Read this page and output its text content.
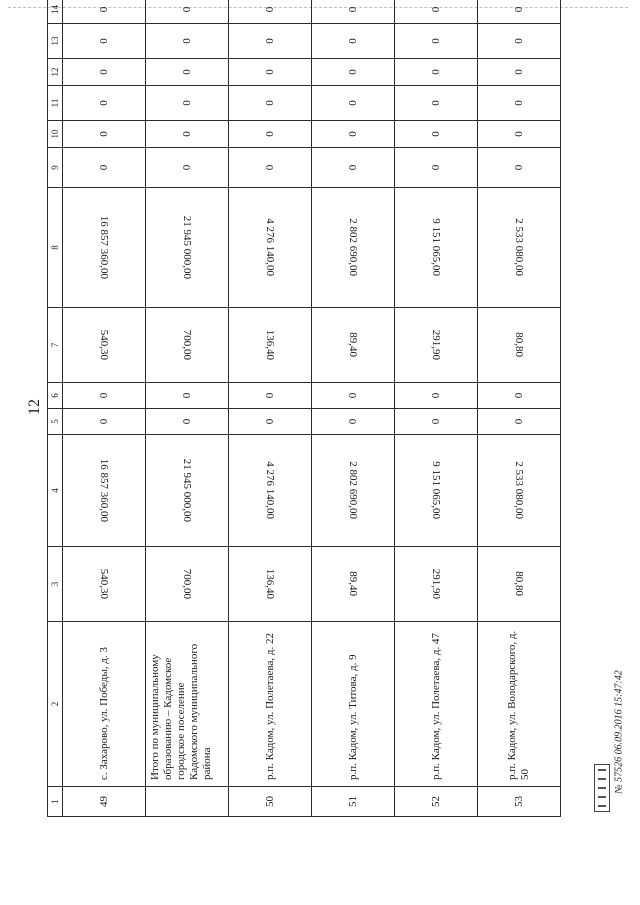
12
1	2	3	4	5	6	7	8	9	10	11	12	13	14		
49	с. Захарово, ул. Победы, д. 3	540,30	16 857 360,00	0	0	540,30	16 857 360,00	0	0	0	0	0	0		
	Итого по муниципальному образованию – Кадомское городское поселение Кадомского муниципального района	700,00	21 945 000,00	0	0	700,00	21 945 000,00	0	0	0	0	0	0		
50	р.п. Кадом, ул. Полетаева, д. 22	136,40	4 276 140,00	0	0	136,40	4 276 140,00	0	0	0	0	0	0		
51	р.п. Кадом, ул. Титова, д. 9	89,40	2 802 690,00	0	0	89,40	2 802 690,00	0	0	0	0	0	0		
52	р.п. Кадом, ул. Полетаева, д. 47	291,90	9 151 065,00	0	0	291,90	9 151 065,00	0	0	0	0	0	0		
53	р.п. Кадом, ул. Володарского, д. 50	80,80	2 533 080,00	0	0	80,80	2 533 080,00	0	0	0	0	0	0		
№ 57526 06.09.2016 15:47:42
